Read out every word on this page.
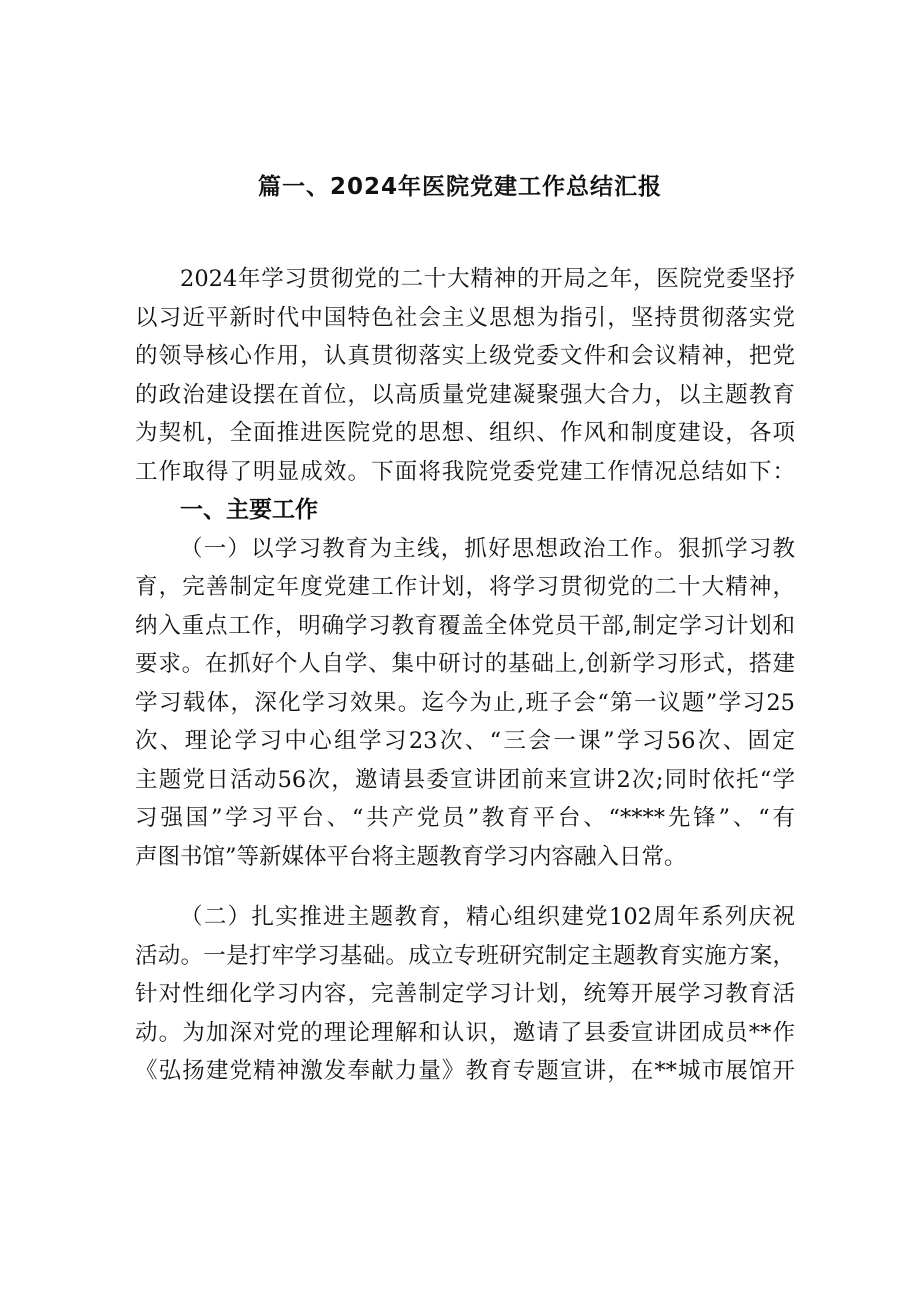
篇一、2024年医院党建工作总结汇报
2024年学习贯彻党的二十大精神的开局之年，医院党委坚抒
以习近平新时代中国特色社会主义思想为指引，坚持贯彻落实党
的领导核心作用，认真贯彻落实上级党委文件和会议精神，把党
的政治建设摆在首位，以高质量党建凝聚强大合力，以主题教育
为契机，全面推进医院党的思想、组织、作风和制度建设，各项
工作取得了明显成效。下面将我院党委党建工作情况总结如下：
一、主要工作
（一）以学习教育为主线，抓好思想政治工作。狠抓学习教
育，完善制定年度党建工作计划，将学习贯彻党的二十大精神，
纳入重点工作，明确学习教育覆盖全体党员干部,制定学习计划和
要求。在抓好个人自学、集中研讨的基础上,创新学习形式，搭建
学习载体，深化学习效果。迄今为止,班子会“第一议题”学习25
次、理论学习中心组学习23次、“三会一课”学习56次、固定
主题党日活动56次，邀请县委宣讲团前来宣讲2次;同时依托“学
习强国”学习平台、“共产党员”教育平台、“****先锋”、“有
声图书馆”等新媒体平台将主题教育学习内容融入日常。
（二）扎实推进主题教育，精心组织建党102周年系列庆祝
活动。一是打牢学习基础。成立专班研究制定主题教育实施方案，
针对性细化学习内容，完善制定学习计划，统筹开展学习教育活
动。为加深对党的理论理解和认识，邀请了县委宣讲团成员**作
《弘扬建党精神激发奉献力量》教育专题宣讲，在**城市展馆开
